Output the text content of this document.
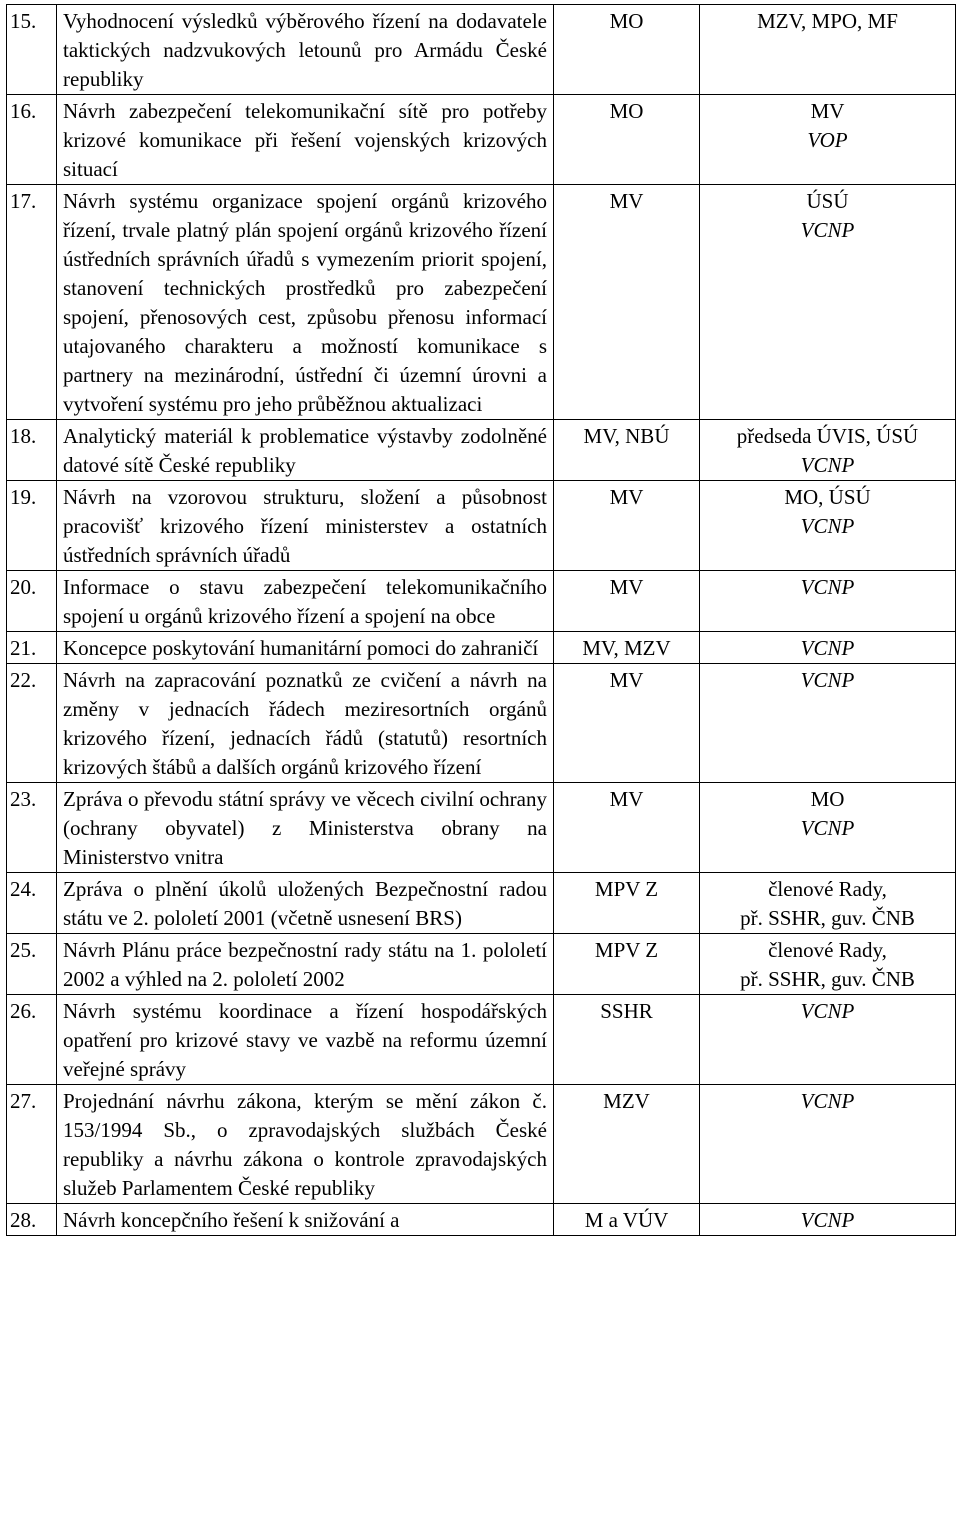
15.	Vyhodnocení výsledků výběrového řízení na dodavatele taktických nadzvukových letounů pro Armádu České republiky	MO	MZV, MPO, MF

16.	Návrh zabezpečení telekomunikační sítě pro potřeby krizové komunikace při řešení vojenských krizových situací	MO	MV
VOP

17.	Návrh systému organizace spojení orgánů krizového řízení, trvale platný plán spojení orgánů krizového řízení ústředních správních úřadů s vymezením priorit spojení, stanovení technických prostředků pro zabezpečení spojení, přenosových cest, způsobu přenosu informací utajovaného charakteru a možností komunikace s partnery na mezinárodní, ústřední či územní úrovni a vytvoření systému pro jeho průběžnou aktualizaci	MV	ÚSÚ
VCNP

18.	Analytický materiál k problematice výstavby zodolněné datové sítě České republiky	MV, NBÚ	předseda ÚVIS, ÚSÚ
VCNP

19.	Návrh na vzorovou strukturu, složení a působnost pracovišť krizového řízení ministerstev a ostatních ústředních správních úřadů	MV	MO, ÚSÚ
VCNP

20.	Informace o stavu zabezpečení telekomunikačního spojení u orgánů krizového řízení a spojení na obce	MV	VCNP

21.	Koncepce poskytování humanitární pomoci do zahraničí	MV, MZV	VCNP

22.	Návrh na zapracování poznatků ze cvičení a návrh na změny v jednacích řádech meziresortních orgánů krizového řízení, jednacích řádů (statutů) resortních krizových štábů a dalších orgánů krizového řízení	MV	VCNP

23.	Zpráva o převodu státní správy ve věcech civilní ochrany (ochrany obyvatel) z Ministerstva obrany na Ministerstvo vnitra	MV	MO
VCNP

24.	Zpráva o plnění úkolů uložených Bezpečnostní radou státu ve 2. pololetí 2001 (včetně usnesení BRS)	MPV Z	členové Rady,
př. SSHR, guv. ČNB

25.	Návrh Plánu práce bezpečnostní rady státu na 1. pololetí 2002 a výhled na 2. pololetí 2002	MPV Z	členové Rady,
př. SSHR, guv. ČNB

26.	Návrh systému koordinace a řízení hospodářských opatření pro krizové stavy ve vazbě na reformu územní veřejné správy	SSHR	VCNP

27.	Projednání návrhu zákona, kterým se mění zákon č. 153/1994 Sb., o zpravodajských službách České republiky a návrhu zákona o kontrole zpravodajských služeb Parlamentem České republiky	MZV	VCNP

28.	Návrh koncepčního řešení k snižování a	M a VÚV	VCNP
